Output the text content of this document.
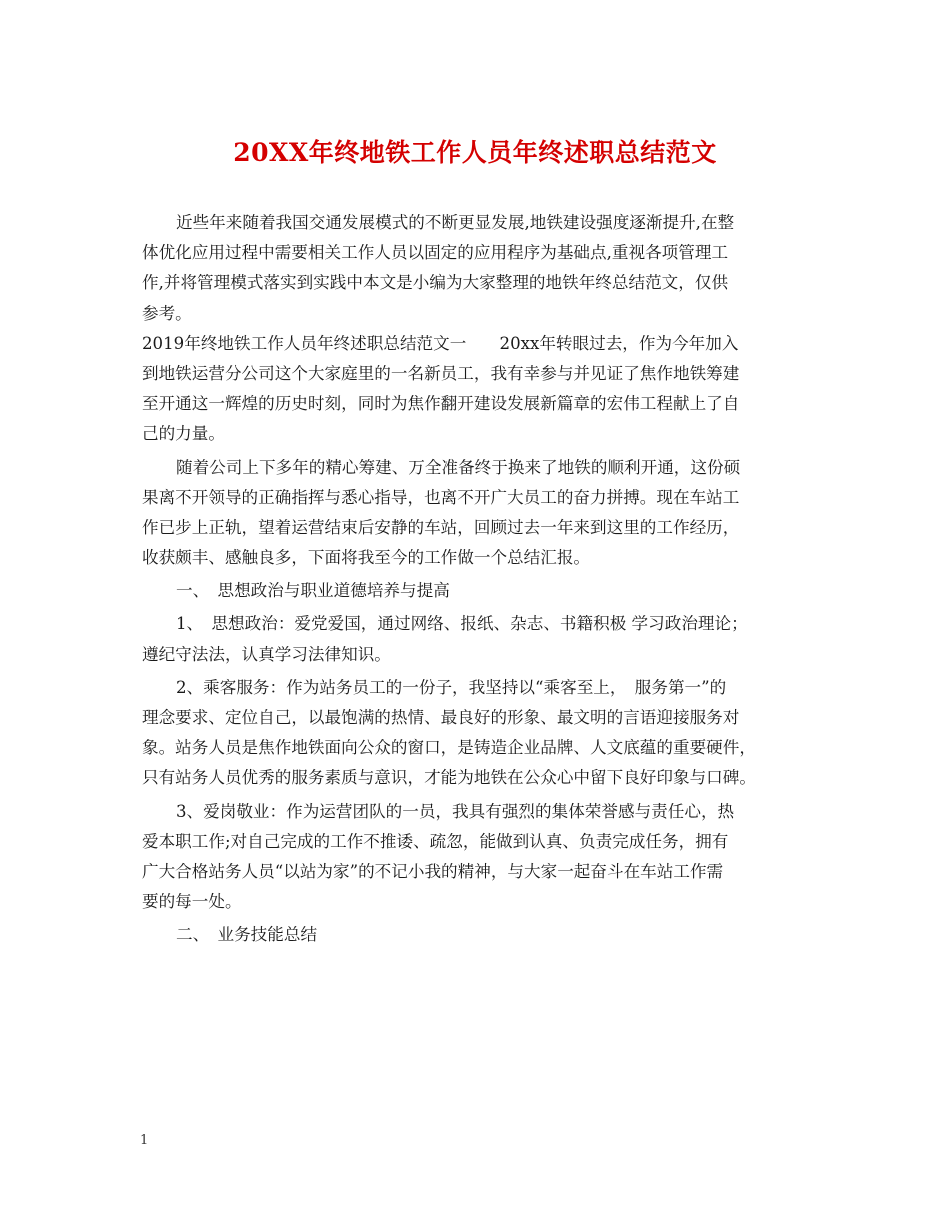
20XX年终地铁工作人员年终述职总结范文
近些年来随着我国交通发展模式的不断更显发展,地铁建设强度逐渐提升,在整
体优化应用过程中需要相关工作人员以固定的应用程序为基础点,重视各项管理工
作,并将管理模式落实到实践中本文是小编为大家整理的地铁年终总结范文，仅供
参考。
2019年终地铁工作人员年终述职总结范文一　　20xx年转眼过去，作为今年加入
到地铁运营分公司这个大家庭里的一名新员工，我有幸参与并见证了焦作地铁筹建
至开通这一辉煌的历史时刻，同时为焦作翻开建设发展新篇章的宏伟工程献上了自
己的力量。
随着公司上下多年的精心筹建、万全准备终于换来了地铁的顺利开通，这份硕
果离不开领导的正确指挥与悉心指导，也离不开广大员工的奋力拼搏。现在车站工
作已步上正轨，望着运营结束后安静的车站，回顾过去一年来到这里的工作经历，
收获颇丰、感触良多，下面将我至今的工作做一个总结汇报。
一、　思想政治与职业道德培养与提高
1、　思想政治：爱党爱国，通过网络、报纸、杂志、书籍积极 学习政治理论；
遵纪守法法，认真学习法律知识。
2、乘客服务：作为站务员工的一份子，我坚持以“乘客至上，　服务第一”的
理念要求、定位自己，以最饱满的热情、最良好的形象、最文明的言语迎接服务对
象。站务人员是焦作地铁面向公众的窗口，是铸造企业品牌、人文底蕴的重要硬件，
只有站务人员优秀的服务素质与意识，才能为地铁在公众心中留下良好印象与口碑。
3、爱岗敬业：作为运营团队的一员，我具有强烈的集体荣誉感与责任心，热
爱本职工作;对自己完成的工作不推诿、疏忽，能做到认真、负责完成任务，拥有
广大合格站务人员“以站为家”的不记小我的精神，与大家一起奋斗在车站工作需
要的每一处。
二、　业务技能总结
1
